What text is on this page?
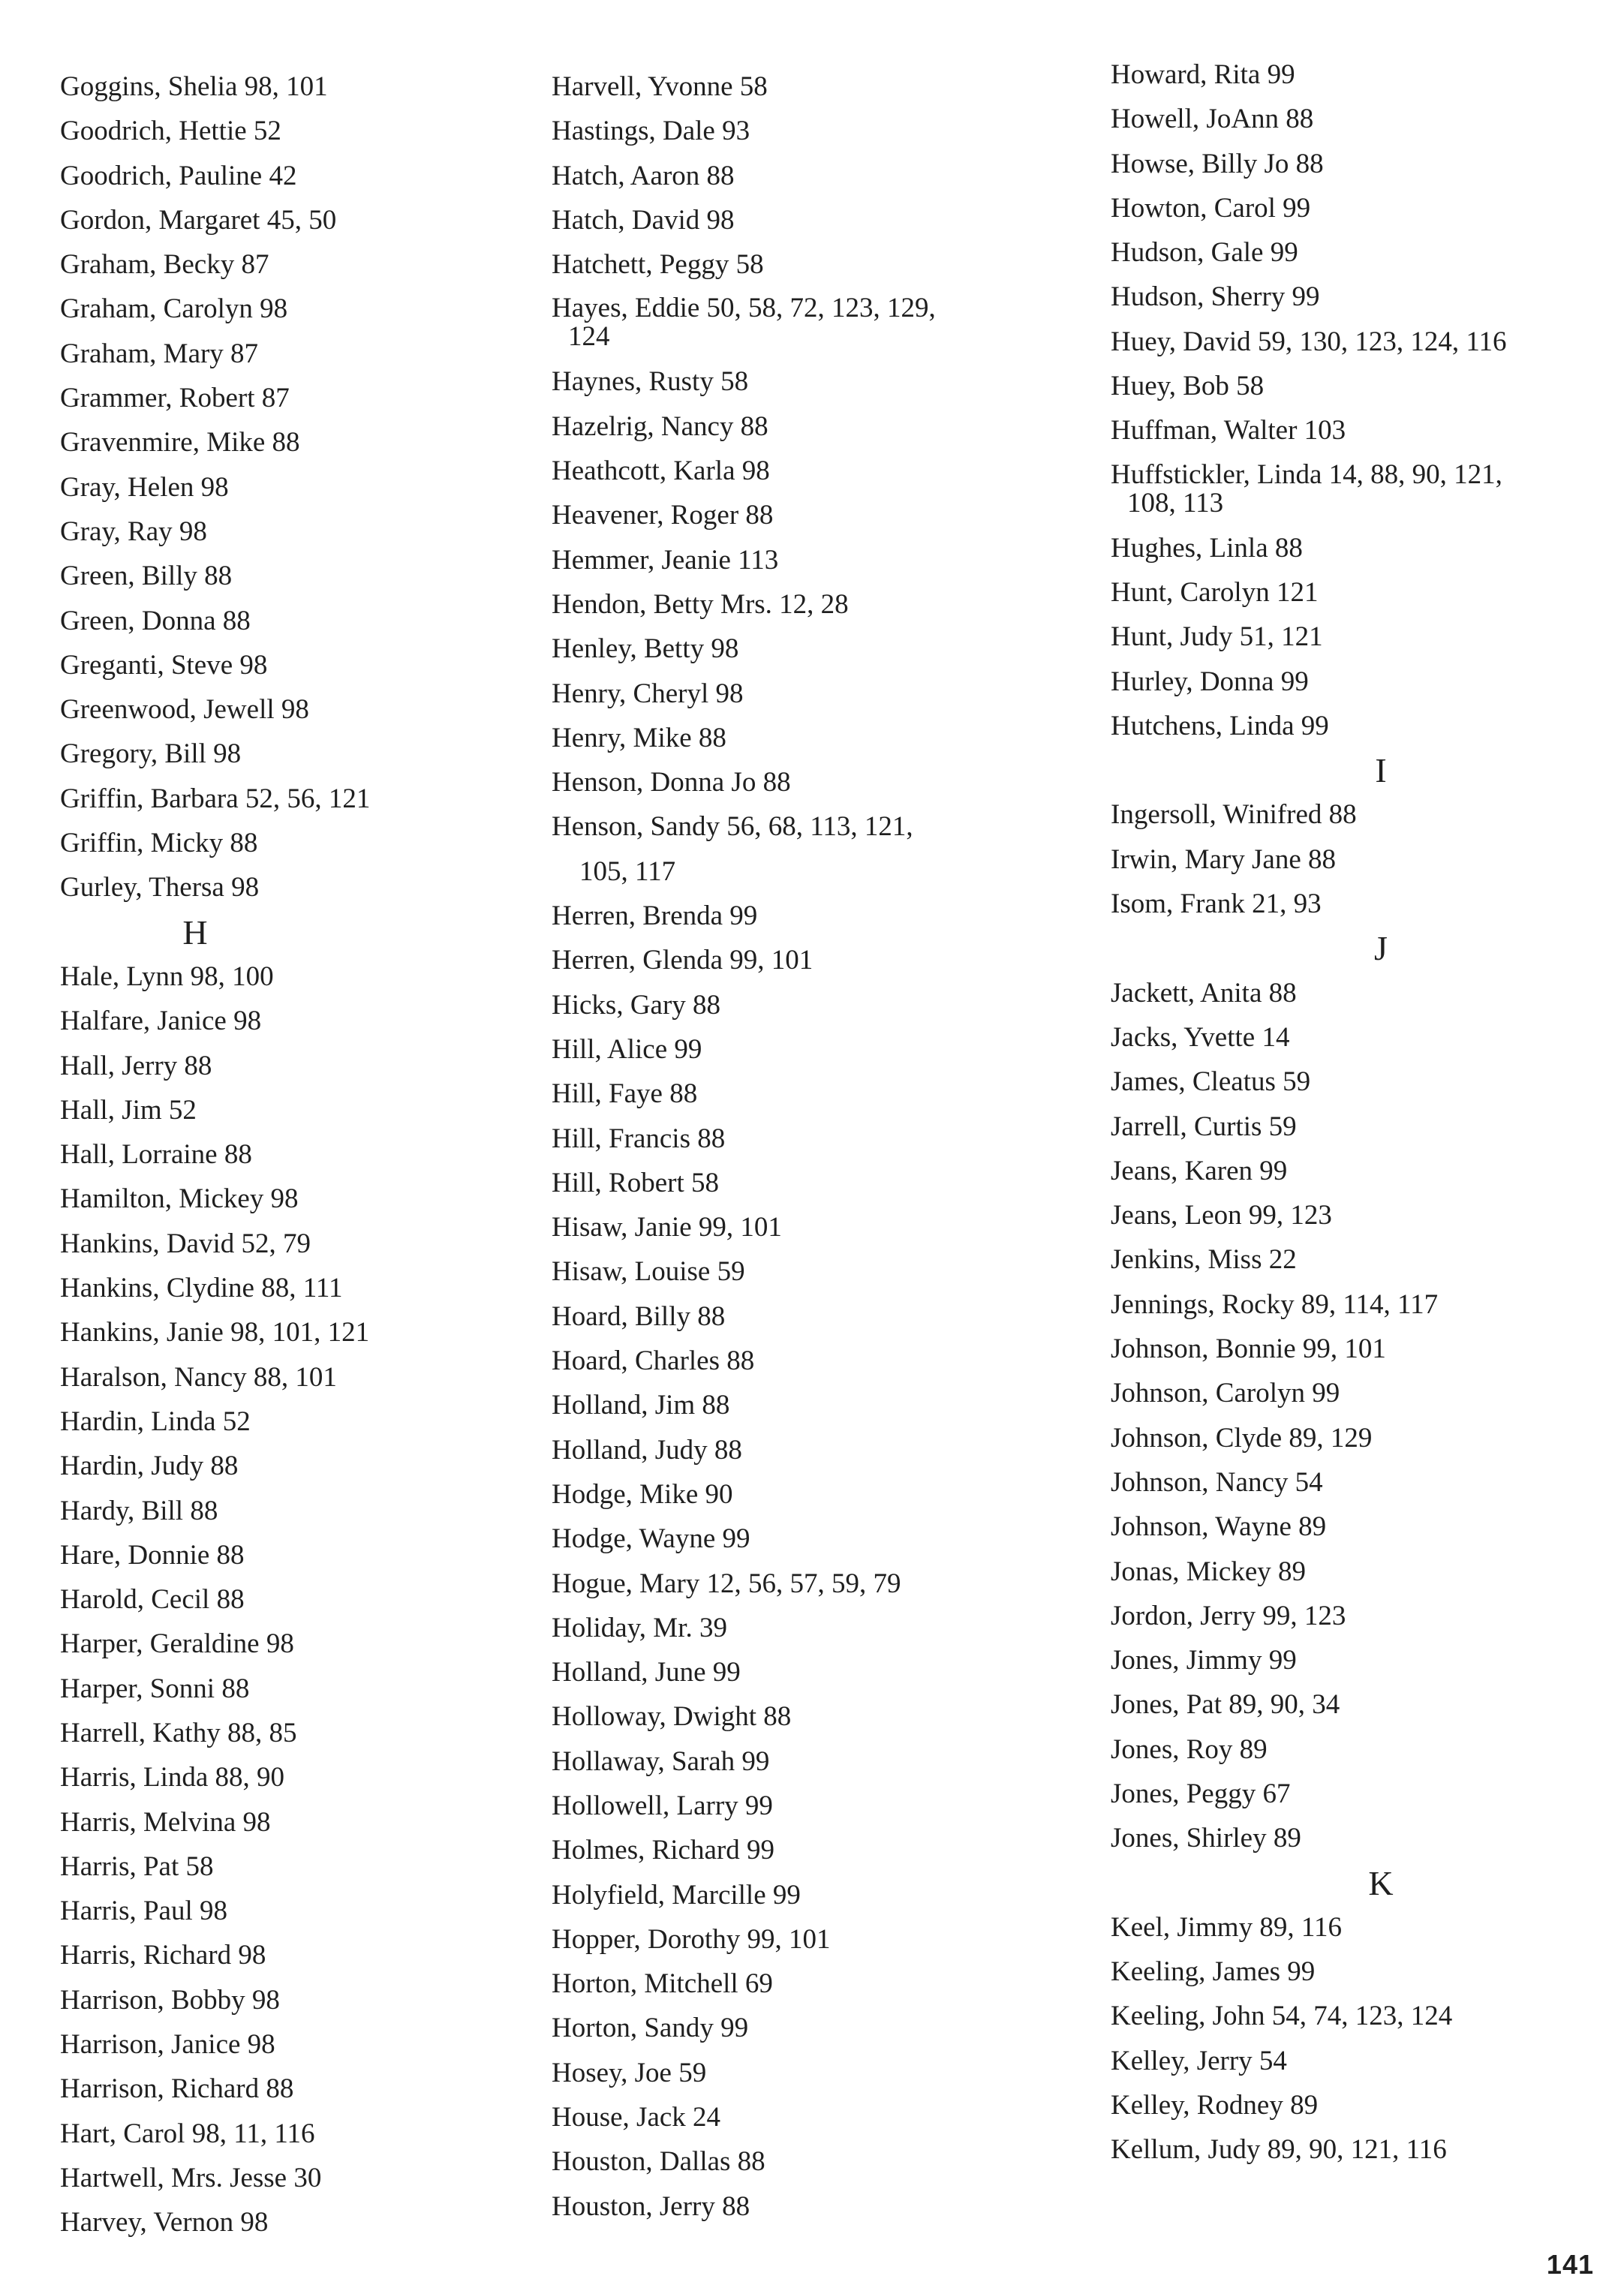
Goggins, Shelia 98, 101
Goodrich, Hettie 52
Goodrich, Pauline 42
Gordon, Margaret 45, 50
Graham, Becky 87
Graham, Carolyn 98
Graham, Mary 87
Grammer, Robert 87
Gravenmire, Mike 88
Gray, Helen 98
Gray, Ray 98
Green, Billy 88
Green, Donna 88
Greganti, Steve 98
Greenwood, Jewell 98
Gregory, Bill 98
Griffin, Barbara 52, 56, 121
Griffin, Micky 88
Gurley, Thersa 98
H
Hale, Lynn 98, 100
Halfare, Janice 98
Hall, Jerry 88
Hall, Jim 52
Hall, Lorraine 88
Hamilton, Mickey 98
Hankins, David 52, 79
Hankins, Clydine 88, 111
Hankins, Janie 98, 101, 121
Haralson, Nancy 88, 101
Hardin, Linda 52
Hardin, Judy 88
Hardy, Bill 88
Hare, Donnie 88
Harold, Cecil 88
Harper, Geraldine 98
Harper, Sonni 88
Harrell, Kathy 88, 85
Harris, Linda 88, 90
Harris, Melvina 98
Harris, Pat 58
Harris, Paul 98
Harris, Richard 98
Harrison, Bobby 98
Harrison, Janice 98
Harrison, Richard 88
Hart, Carol 98, 11, 116
Hartwell, Mrs. Jesse 30
Harvey, Vernon 98
Harvell, Yvonne 58
Hastings, Dale 93
Hatch, Aaron 88
Hatch, David 98
Hatchett, Peggy 58
Hayes, Eddie 50, 58, 72, 123, 129,
124
Haynes, Rusty 58
Hazelrig, Nancy 88
Heathcott, Karla 98
Heavener, Roger 88
Hemmer, Jeanie 113
Hendon, Betty Mrs. 12, 28
Henley, Betty 98
Henry, Cheryl 98
Henry, Mike 88
Henson, Donna Jo 88
Henson, Sandy 56, 68, 113, 121,
105, 117
Herren, Brenda 99
Herren, Glenda 99, 101
Hicks, Gary 88
Hill, Alice 99
Hill, Faye 88
Hill, Francis 88
Hill, Robert 58
Hisaw, Janie 99, 101
Hisaw, Louise 59
Hoard, Billy 88
Hoard, Charles 88
Holland, Jim 88
Holland, Judy 88
Hodge, Mike 90
Hodge, Wayne 99
Hogue, Mary 12, 56, 57, 59, 79
Holiday, Mr. 39
Holland, June 99
Holloway, Dwight 88
Hollaway, Sarah 99
Hollowell, Larry 99
Holmes, Richard 99
Holyfield, Marcille 99
Hopper, Dorothy 99, 101
Horton, Mitchell 69
Horton, Sandy 99
Hosey, Joe 59
House, Jack 24
Houston, Dallas 88
Houston, Jerry 88
Howard, Rita 99
Howell, JoAnn 88
Howse, Billy Jo 88
Howton, Carol 99
Hudson, Gale 99
Hudson, Sherry 99
Huey, David 59, 130, 123, 124, 116
Huey, Bob 58
Huffman, Walter 103
Huffstickler, Linda 14, 88, 90, 121,
108, 113
Hughes, Linla 88
Hunt, Carolyn 121
Hunt, Judy 51, 121
Hurley, Donna 99
Hutchens, Linda 99
I
Ingersoll, Winifred 88
Irwin, Mary Jane 88
Isom, Frank 21, 93
J
Jackett, Anita 88
Jacks, Yvette 14
James, Cleatus 59
Jarrell, Curtis 59
Jeans, Karen 99
Jeans, Leon 99, 123
Jenkins, Miss 22
Jennings, Rocky 89, 114, 117
Johnson, Bonnie 99, 101
Johnson, Carolyn 99
Johnson, Clyde 89, 129
Johnson, Nancy 54
Johnson, Wayne 89
Jonas, Mickey 89
Jordon, Jerry 99, 123
Jones, Jimmy 99
Jones, Pat 89, 90, 34
Jones, Roy 89
Jones, Peggy 67
Jones, Shirley 89
K
Keel, Jimmy 89, 116
Keeling, James 99
Keeling, John 54, 74, 123, 124
Kelley, Jerry 54
Kelley, Rodney 89
Kellum, Judy 89, 90, 121, 116
141
